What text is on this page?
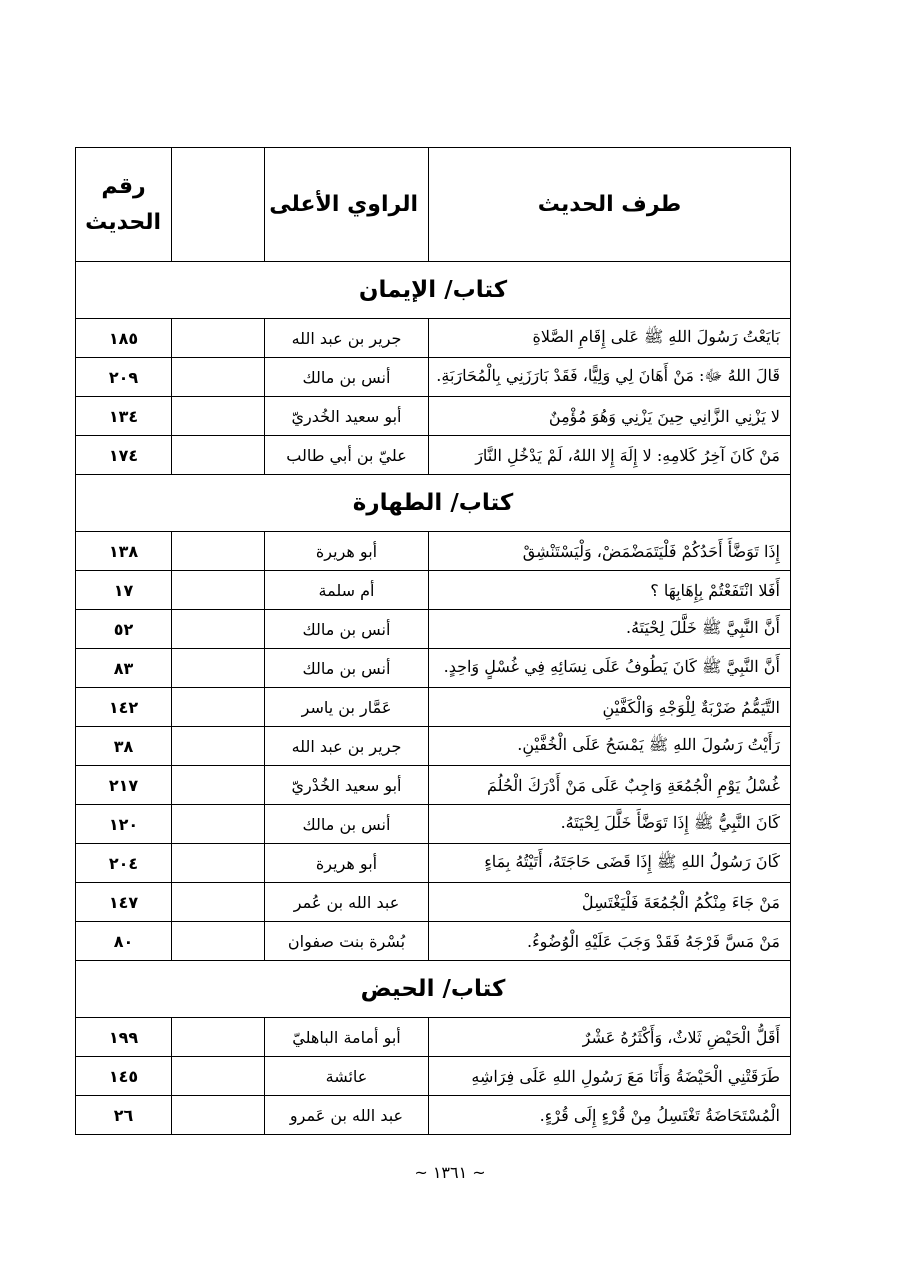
طرف الحديث	الراوي الأعلى		رقم
الحديث
كتاب/ الإيمان			
بَايَعْتُ رَسُولَ اللهِ ﷺ عَلى إِقَامِ الصَّلاةِ	جرير بن عبد الله		١٨٥
قَالَ اللهُ ﷻ: مَنْ أَهَانَ لِي وَلِيًّا، فَقَدْ بَارَزَنِي بِالْمُحَارَبَةِ.	أنس بن مالك		٢٠٩
لا يَزْنِي الزَّانِي حِينَ يَزْنِي وَهُوَ مُؤْمِنٌ	أبو سعيد الخُدريّ		١٣٤
مَنْ كَانَ آخِرُ كَلامِهِ: لا إِلَهَ إِلا اللهُ، لَمْ يَدْخُلِ النَّارَ	عليّ بن أبي طالب		١٧٤
كتاب/ الطهارة			
إِذَا تَوَضَّأَ أَحَدُكُمْ فَلْيَتَمَضْمَضْ، وَلْيَسْتَنْشِقْ	أبو هريرة		١٣٨
أَفَلا انْتَفَعْتُمْ بِإِهَابِهَا ؟	أم سلمة		١٧
أَنَّ النَّبِيَّ ﷺ خَلَّلَ لِحْيَتَهُ.	أنس بن مالك		٥٢
أَنَّ النَّبِيَّ ﷺ كَانَ يَطُوفُ عَلَى نِسَائِهِ فِي غُسْلٍ وَاحِدٍ.	أنس بن مالك		٨٣
التَّيَمُّمُ ضَرْبَةٌ لِلْوَجْهِ وَالْكَفَّيْنِ	عَمَّار بن ياسر		١٤٢
رَأَيْتُ رَسُولَ اللهِ ﷺ يَمْسَحُ عَلَى الْخُفَّيْنِ.	جرير بن عبد الله		٣٨
غُسْلُ يَوْمِ الْجُمُعَةِ وَاجِبٌ عَلَى مَنْ أَدْرَكَ الْحُلُمَ	أبو سعيد الخُدْريّ		٢١٧
كَانَ النَّبِيُّ ﷺ إِذَا تَوَضَّأَ خَلَّلَ لِحْيَتَهُ.	أنس بن مالك		١٢٠
كَانَ رَسُولُ اللهِ ﷺ إِذَا قَضَى حَاجَتَهُ، أَتَيْتُهُ بِمَاءٍ	أبو هريرة		٢٠٤
مَنْ جَاءَ مِنْكُمُ الْجُمُعَةَ فَلْيَغْتَسِلْ	عبد الله بن عُمر		١٤٧
مَنْ مَسَّ فَرْجَهُ فَقَدْ وَجَبَ عَلَيْهِ الْوُضُوءُ.	بُسْرة بنت صفوان		٨٠
كتاب/ الحيض			
أَقَلُّ الْحَيْضِ ثَلاثٌ، وَأَكْثَرُهُ عَشْرٌ	أبو أمامة الباهليّ		١٩٩
طَرَقَتْنِي الْحَيْضَةُ وَأَنَا مَعَ رَسُولِ اللهِ عَلَى فِرَاشِهِ	عائشة		١٤٥
الْمُسْتَحَاضَةُ تَغْتَسِلُ مِنْ قُرْءٍ إِلَى قُرْءٍ.	عبد الله بن عَمرو		٢٦
~ ١٣٦١ ~
